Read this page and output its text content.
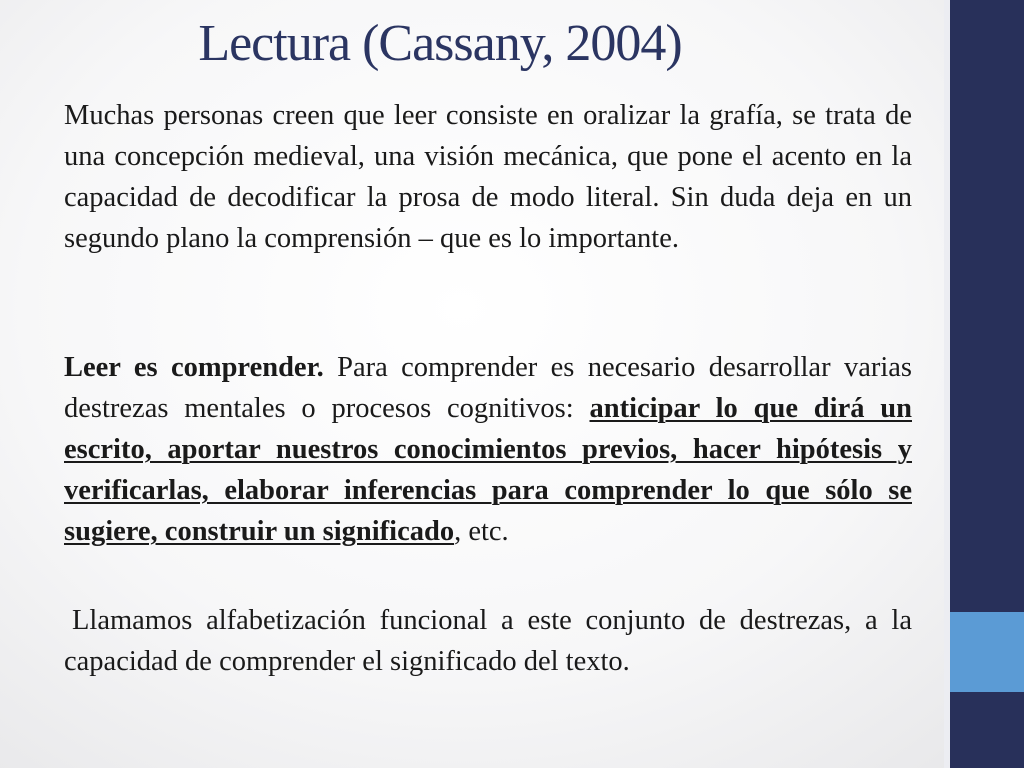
Lectura (Cassany, 2004)

Muchas personas creen que leer consiste en oralizar la grafía, se trata de una concepción medieval, una visión mecánica, que pone el acento en la capacidad de decodificar la prosa de modo literal. Sin duda deja en un segundo plano la comprensión – que es lo importante.

Leer es comprender. Para comprender es necesario desarrollar varias destrezas mentales o procesos cognitivos: anticipar lo que dirá un escrito, aportar nuestros conocimientos previos, hacer hipótesis y verificarlas, elaborar inferencias para comprender lo que sólo se sugiere, construir un significado, etc.

Llamamos alfabetización funcional a este conjunto de destrezas, a la capacidad de comprender el significado del texto.
